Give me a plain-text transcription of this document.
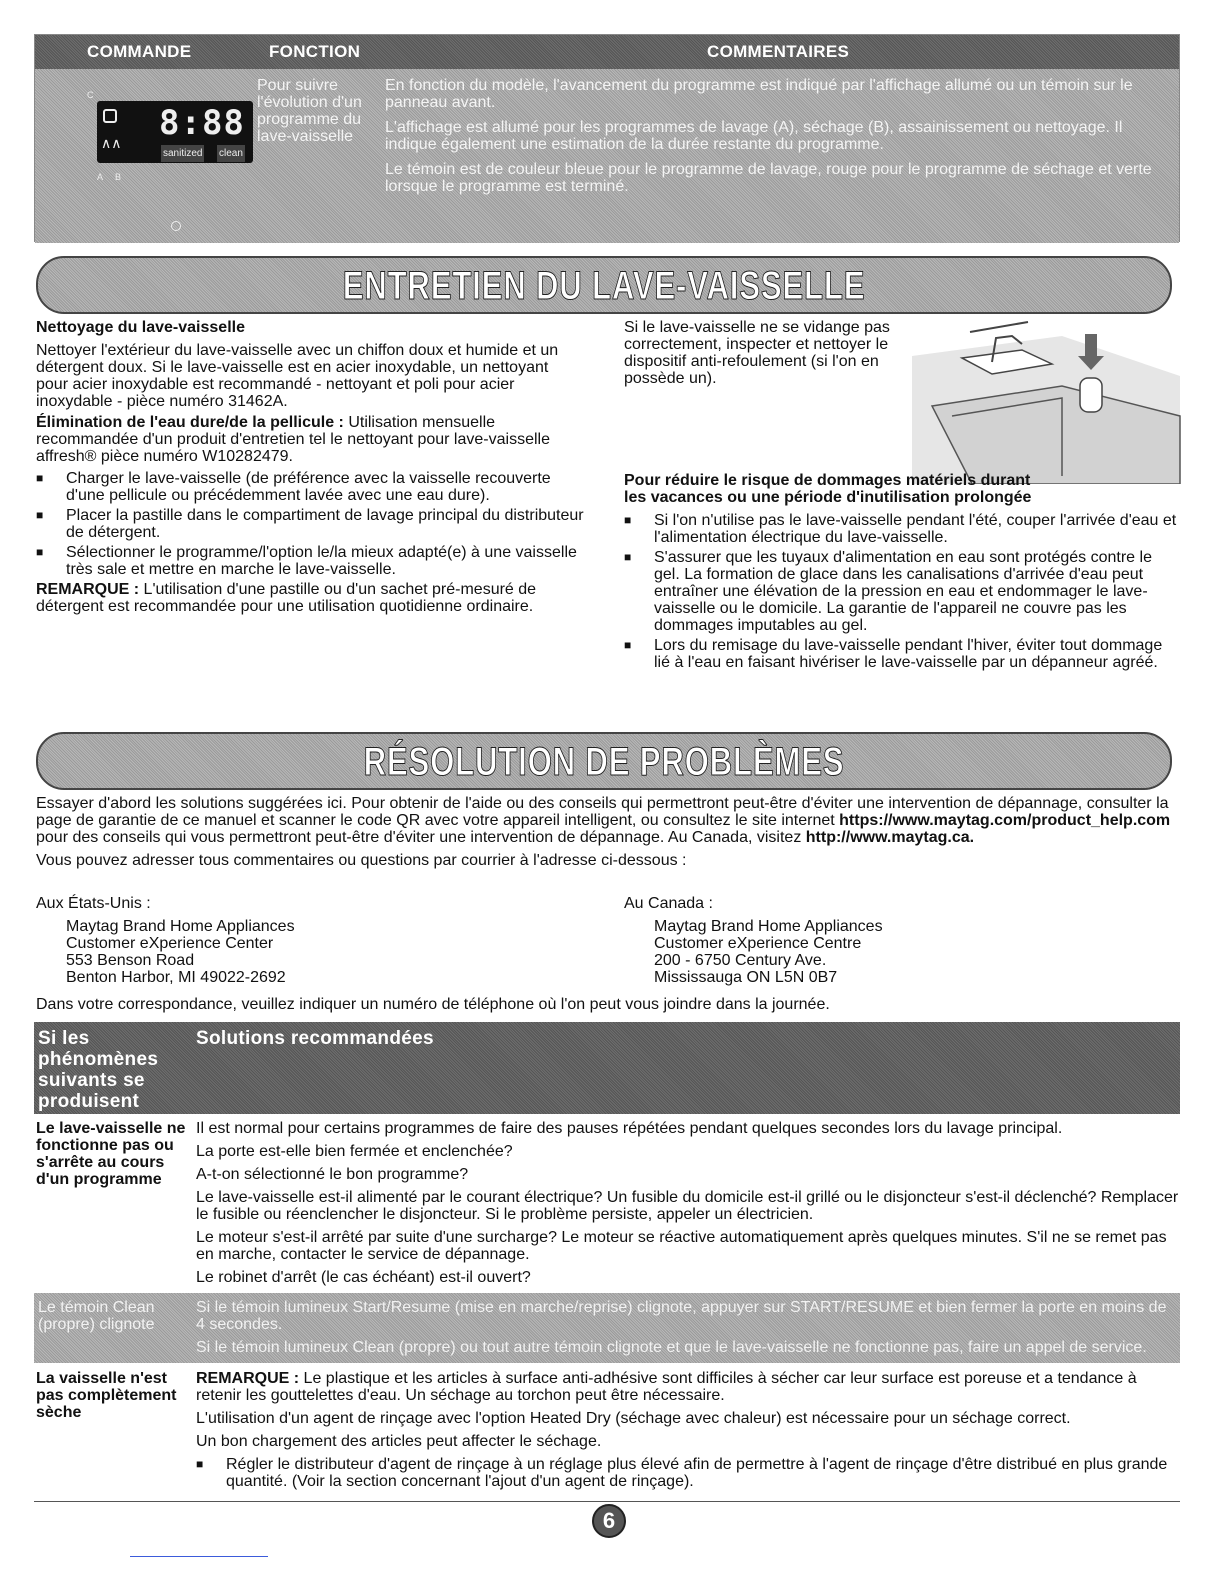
COMMANDE	FONCTION	COMMENTAIRES
C
∧∧ 8:88
sanitized clean
A B

Pour suivre l'évolution d'un programme du lave-vaisselle

En fonction du modèle, l'avancement du programme est indiqué par l'affichage allumé ou un témoin sur le panneau avant.

L'affichage est allumé pour les programmes de lavage (A), séchage (B), assainissement ou nettoyage. Il indique également une estimation de la durée restante du programme.

Le témoin est de couleur bleue pour le programme de lavage, rouge pour le programme de séchage et verte lorsque le programme est terminé.

ENTRETIEN DU LAVE-VAISSELLE

Nettoyage du lave-vaisselle

Nettoyer l'extérieur du lave-vaisselle avec un chiffon doux et humide et un détergent doux. Si le lave-vaisselle est en acier inoxydable, un nettoyant pour acier inoxydable est recommandé - nettoyant et poli pour acier inoxydable - pièce numéro 31462A.

Élimination de l'eau dure/de la pellicule : Utilisation mensuelle recommandée d'un produit d'entretien tel le nettoyant pour lave-vaisselle affresh® pièce numéro W10282479.

■ Charger le lave-vaisselle (de préférence avec la vaisselle recouverte d'une pellicule ou précédemment lavée avec une eau dure).
■ Placer la pastille dans le compartiment de lavage principal du distributeur de détergent.
■ Sélectionner le programme/l'option le/la mieux adapté(e) à une vaisselle très sale et mettre en marche le lave-vaisselle.

REMARQUE : L'utilisation d'une pastille ou d'un sachet pré-mesuré de détergent est recommandée pour une utilisation quotidienne ordinaire.

Si le lave-vaisselle ne se vidange pas correctement, inspecter et nettoyer le dispositif anti-refoulement (si l'on en possède un).

Pour réduire le risque de dommages matériels durant les vacances ou une période d'inutilisation prolongée

■ Si l'on n'utilise pas le lave-vaisselle pendant l'été, couper l'arrivée d'eau et l'alimentation électrique du lave-vaisselle.
■ S'assurer que les tuyaux d'alimentation en eau sont protégés contre le gel. La formation de glace dans les canalisations d'arrivée d'eau peut entraîner une élévation de la pression en eau et endommager le lave-vaisselle ou le domicile. La garantie de l'appareil ne couvre pas les dommages imputables au gel.
■ Lors du remisage du lave-vaisselle pendant l'hiver, éviter tout dommage lié à l'eau en faisant hivériser le lave-vaisselle par un dépanneur agréé.
RÉSOLUTION DE PROBLÈMES

Essayer d'abord les solutions suggérées ici. Pour obtenir de l'aide ou des conseils qui permettront peut-être d'éviter une intervention de dépannage, consulter la page de garantie de ce manuel et scanner le code QR avec votre appareil intelligent, ou consultez le site internet https://www.maytag.com/product_help.com pour des conseils qui vous permettront peut-être d'éviter une intervention de dépannage. Au Canada, visitez http://www.maytag.ca.

Vous pouvez adresser tous commentaires ou questions par courrier à l'adresse ci-dessous :

Aux États-Unis :

Maytag Brand Home Appliances

Customer eXperience Center

553 Benson Road

Benton Harbor, MI 49022-2692

Au Canada :

Maytag Brand Home Appliances

Customer eXperience Centre

200 - 6750 Century Ave.

Mississauga ON L5N 0B7

Dans votre correspondance, veuillez indiquer un numéro de téléphone où l'on peut vous joindre dans la journée.

Si les phénomènes suivants se produisent
Solutions recommandées

Le lave-vaisselle ne fonctionne pas ou s'arrête au cours d'un programme

Il est normal pour certains programmes de faire des pauses répétées pendant quelques secondes lors du lavage principal.

La porte est-elle bien fermée et enclenchée?

A-t-on sélectionné le bon programme?

Le lave-vaisselle est-il alimenté par le courant électrique? Un fusible du domicile est-il grillé ou le disjoncteur s'est-il déclenché? Remplacer le fusible ou réenclencher le disjoncteur. Si le problème persiste, appeler un électricien.

Le moteur s'est-il arrêté par suite d'une surcharge? Le moteur se réactive automatiquement après quelques minutes. S'il ne se remet pas en marche, contacter le service de dépannage.

Le robinet d'arrêt (le cas échéant) est-il ouvert?

Le témoin Clean (propre) clignote

Si le témoin lumineux Start/Resume (mise en marche/reprise) clignote, appuyer sur START/RESUME et bien fermer la porte en moins de 4 secondes.

Si le témoin lumineux Clean (propre) ou tout autre témoin clignote et que le lave-vaisselle ne fonctionne pas, faire un appel de service.

La vaisselle n'est pas complètement sèche

REMARQUE : Le plastique et les articles à surface anti-adhésive sont difficiles à sécher car leur surface est poreuse et a tendance à retenir les gouttelettes d'eau. Un séchage au torchon peut être nécessaire.

L'utilisation d'un agent de rinçage avec l'option Heated Dry (séchage avec chaleur) est nécessaire pour un séchage correct.

Un bon chargement des articles peut affecter le séchage.

■ Régler le distributeur d'agent de rinçage à un réglage plus élevé afin de permettre à l'agent de rinçage d'être distribué en plus grande quantité. (Voir la section concernant l'ajout d'un agent de rinçage).
6
